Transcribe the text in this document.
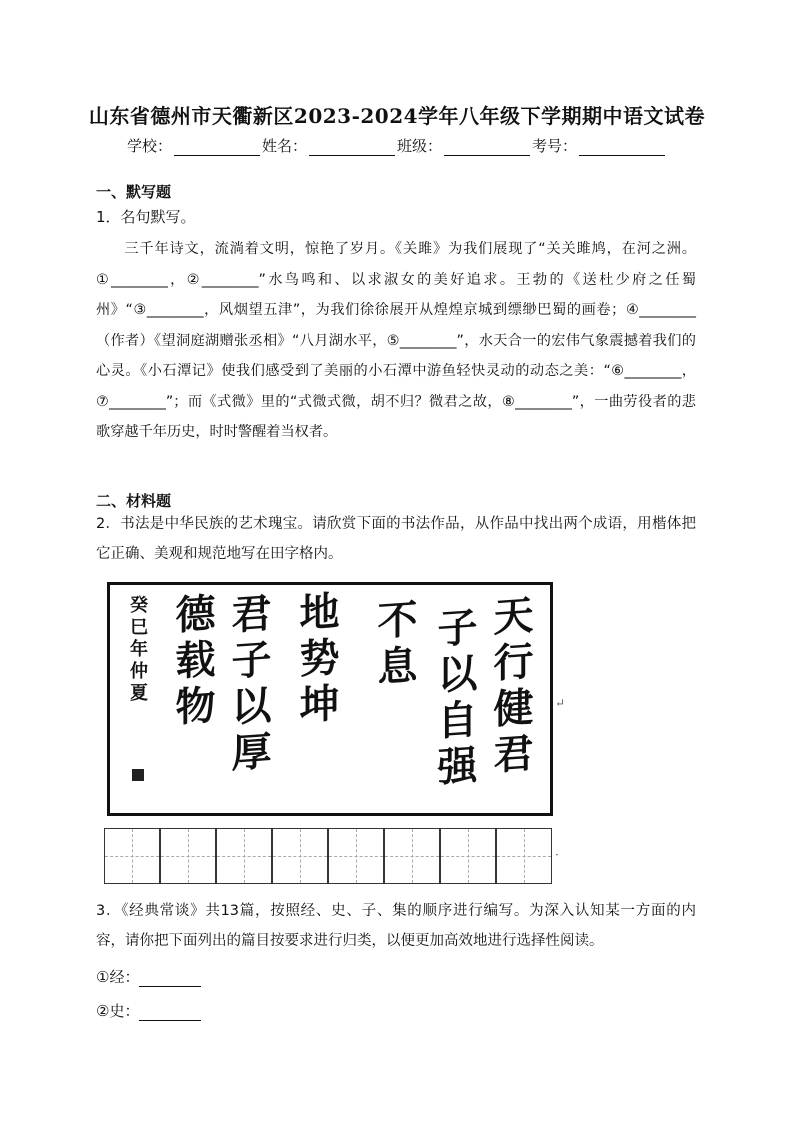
山东省德州市天衢新区2023-2024学年八年级下学期期中语文试卷
学校：	姓名：	班级：	考号：
一、默写题
1．名句默写。
三千年诗文，流淌着文明，惊艳了岁月。《关雎》为我们展现了“关关雎鸠，在河之洲。①________，②________”水鸟鸣和、以求淑女的美好追求。王勃的《送杜少府之任蜀州》“③________，风烟望五津”，为我们徐徐展开从煌煌京城到缥缈巴蜀的画卷；④________（作者）《望洞庭湖赠张丞相》“八月湖水平，⑤________”，水天合一的宏伟气象震撼着我们的心灵。《小石潭记》使我们感受到了美丽的小石潭中游鱼轻快灵动的动态之美：“⑥________，⑦________”；而《式微》里的“式微式微，胡不归？微君之故，⑧________”，一曲劳役者的悲歌穿越千年历史，时时警醒着当权者。
二、材料题
2．书法是中华民族的艺术瑰宝。请欣赏下面的书法作品，从作品中找出两个成语，用楷体把它正确、美观和规范地写在田字格内。
天行健君
子以自强
不息
地势坤
君子以厚
德载物
癸巳年仲夏	↵
·
3．《经典常谈》共13篇，按照经、史、子、集的顺序进行编写。为深入认知某一方面的内容，请你把下面列出的篇目按要求进行归类，以便更加高效地进行选择性阅读。
①经：
②史：
